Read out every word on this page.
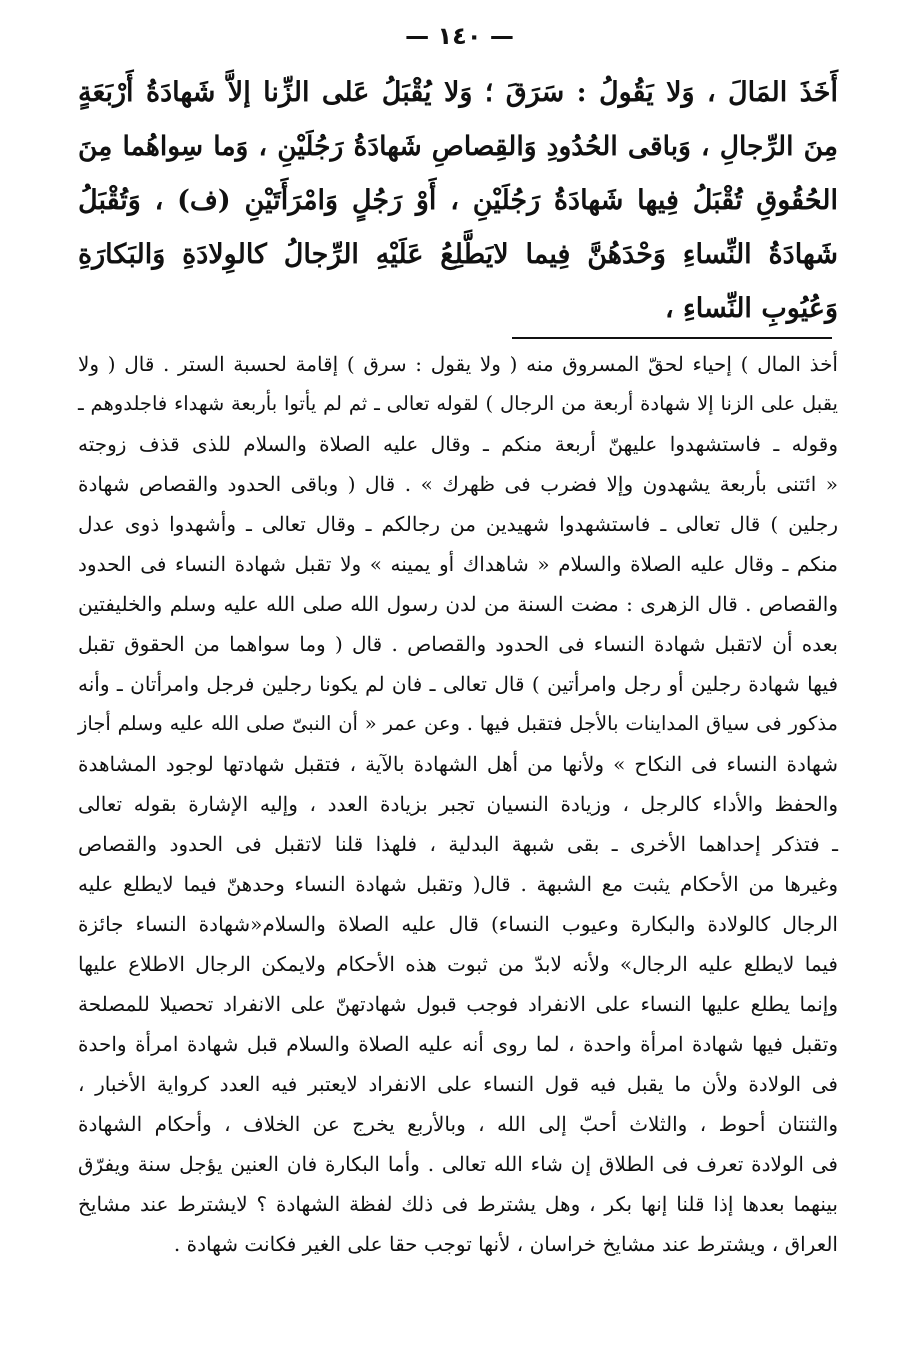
— ١٤٠ —
أَخَذَ المَالَ ، وَلا يَقُولُ : سَرَقَ ؛ وَلا يُقْبَلُ عَلى الزِّنا إلاَّ شَهادَةُ أَرْبَعَةٍ
مِنَ الرِّجالِ ، وَباقى الحُدُودِ وَالقِصاصِ شَهادَةُ رَجُلَيْنِ ، وَما سِواهُما مِنَ
الحُقُوقِ تُقْبَلُ فِيها شَهادَةُ رَجُلَيْنِ ، أَوْ رَجُلٍ وَامْرَأَتَيْنِ (ف) ، وَتُقْبَلُ
شَهادَةُ النِّساءِ وَحْدَهُنَّ فِيما لايَطَّلِعُ عَلَيْهِ الرِّجالُ كالوِلادَةِ وَالبَكارَةِ
وَعُيُوبِ النِّساءِ ،
أخذ المال ) إحياء لحقّ المسروق منه ( ولا يقول : سرق ) إقامة لحسبة الستر . قال ( ولا
يقبل على الزنا إلا شهادة أربعة من الرجال ) لقوله تعالى ـ ثم لم يأتوا بأربعة شهداء فاجلدوهم ـ
وقوله ـ فاستشهدوا عليهنّ أربعة منكم ـ وقال عليه الصلاة والسلام للذى قذف زوجته
« ائتنى بأربعة يشهدون وإلا فضرب فى ظهرك » . قال ( وباقى الحدود والقصاص شهادة
رجلين ) قال تعالى ـ فاستشهدوا شهيدين من رجالكم ـ وقال تعالى ـ وأشهدوا ذوى عدل
منكم ـ وقال عليه الصلاة والسلام « شاهداك أو يمينه » ولا تقبل شهادة النساء فى الحدود
والقصاص . قال الزهرى : مضت السنة من لدن رسول الله صلى الله عليه وسلم والخليفتين
بعده أن لاتقبل شهادة النساء فى الحدود والقصاص . قال ( وما سواهما من الحقوق تقبل
فيها شهادة رجلين أو رجل وامرأتين ) قال تعالى ـ فان لم يكونا رجلين فرجل وامرأتان ـ وأنه
مذكور فى سياق المداينات بالأجل فتقبل فيها . وعن عمر « أن النبىّ صلى الله عليه وسلم أجاز
شهادة النساء فى النكاح » ولأنها من أهل الشهادة بالآية ، فتقبل شهادتها لوجود المشاهدة
والحفظ والأداء كالرجل ، وزيادة النسيان تجبر بزيادة العدد ، وإليه الإشارة بقوله تعالى
ـ فتذكر إحداهما الأخرى ـ بقى شبهة البدلية ، فلهذا قلنا لاتقبل فى الحدود والقصاص
وغيرها من الأحكام يثبت مع الشبهة . قال( وتقبل شهادة النساء وحدهنّ فيما لايطلع عليه
الرجال كالولادة والبكارة وعيوب النساء) قال عليه الصلاة والسلام«شهادة النساء جائزة
فيما لايطلع عليه الرجال» ولأنه لابدّ من ثبوت هذه الأحكام ولايمكن الرجال الاطلاع عليها
وإنما يطلع عليها النساء على الانفراد فوجب قبول شهادتهنّ على الانفراد تحصيلا للمصلحة
وتقبل فيها شهادة امرأة واحدة ، لما روى أنه عليه الصلاة والسلام قبل شهادة امرأة واحدة
فى الولادة ولأن ما يقبل فيه قول النساء على الانفراد لايعتبر فيه العدد كرواية الأخبار ،
والثنتان أحوط ، والثلاث أحبّ إلى الله ، وبالأربع يخرج عن الخلاف ، وأحكام الشهادة
فى الولادة تعرف فى الطلاق إن شاء الله تعالى . وأما البكارة فان العنين يؤجل سنة ويفرّق
بينهما بعدها إذا قلنا إنها بكر ، وهل يشترط فى ذلك لفظة الشهادة ؟ لايشترط عند مشايخ
العراق ، ويشترط عند مشايخ خراسان ، لأنها توجب حقا على الغير فكانت شهادة .
